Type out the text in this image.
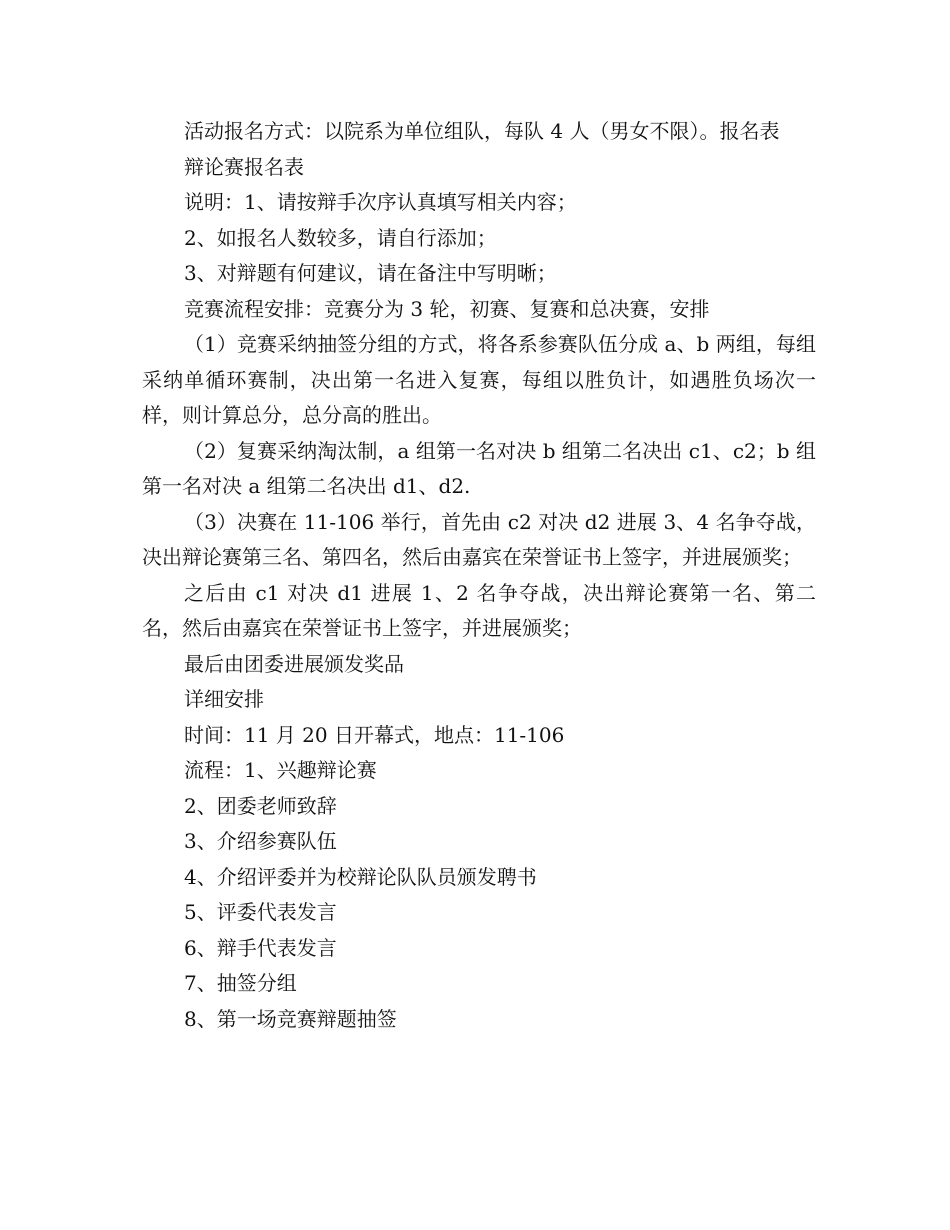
活动报名方式：以院系为单位组队，每队 4 人（男女不限）。报名表

辩论赛报名表

说明：1、请按辩手次序认真填写相关内容；

2、如报名人数较多，请自行添加；

3、对辩题有何建议，请在备注中写明晰；

竞赛流程安排：竞赛分为 3 轮，初赛、复赛和总决赛，安排

（1）竞赛采纳抽签分组的方式，将各系参赛队伍分成 a、b 两组，每组采纳单循环赛制，决出第一名进入复赛，每组以胜负计，如遇胜负场次一样，则计算总分，总分高的胜出。

（2）复赛采纳淘汰制，a 组第一名对决 b 组第二名决出 c1、c2；b 组第一名对决 a 组第二名决出 d1、d2.

（3）决赛在 11-106 举行，首先由 c2 对决 d2 进展 3、4 名争夺战，决出辩论赛第三名、第四名，然后由嘉宾在荣誉证书上签字，并进展颁奖；

之后由 c1 对决 d1 进展 1、2 名争夺战，决出辩论赛第一名、第二名，然后由嘉宾在荣誉证书上签字，并进展颁奖；

最后由团委进展颁发奖品

详细安排

时间：11 月 20 日开幕式，地点：11-106

流程：1、兴趣辩论赛

2、团委老师致辞

3、介绍参赛队伍

4、介绍评委并为校辩论队队员颁发聘书

5、评委代表发言

6、辩手代表发言

7、抽签分组

8、第一场竞赛辩题抽签
